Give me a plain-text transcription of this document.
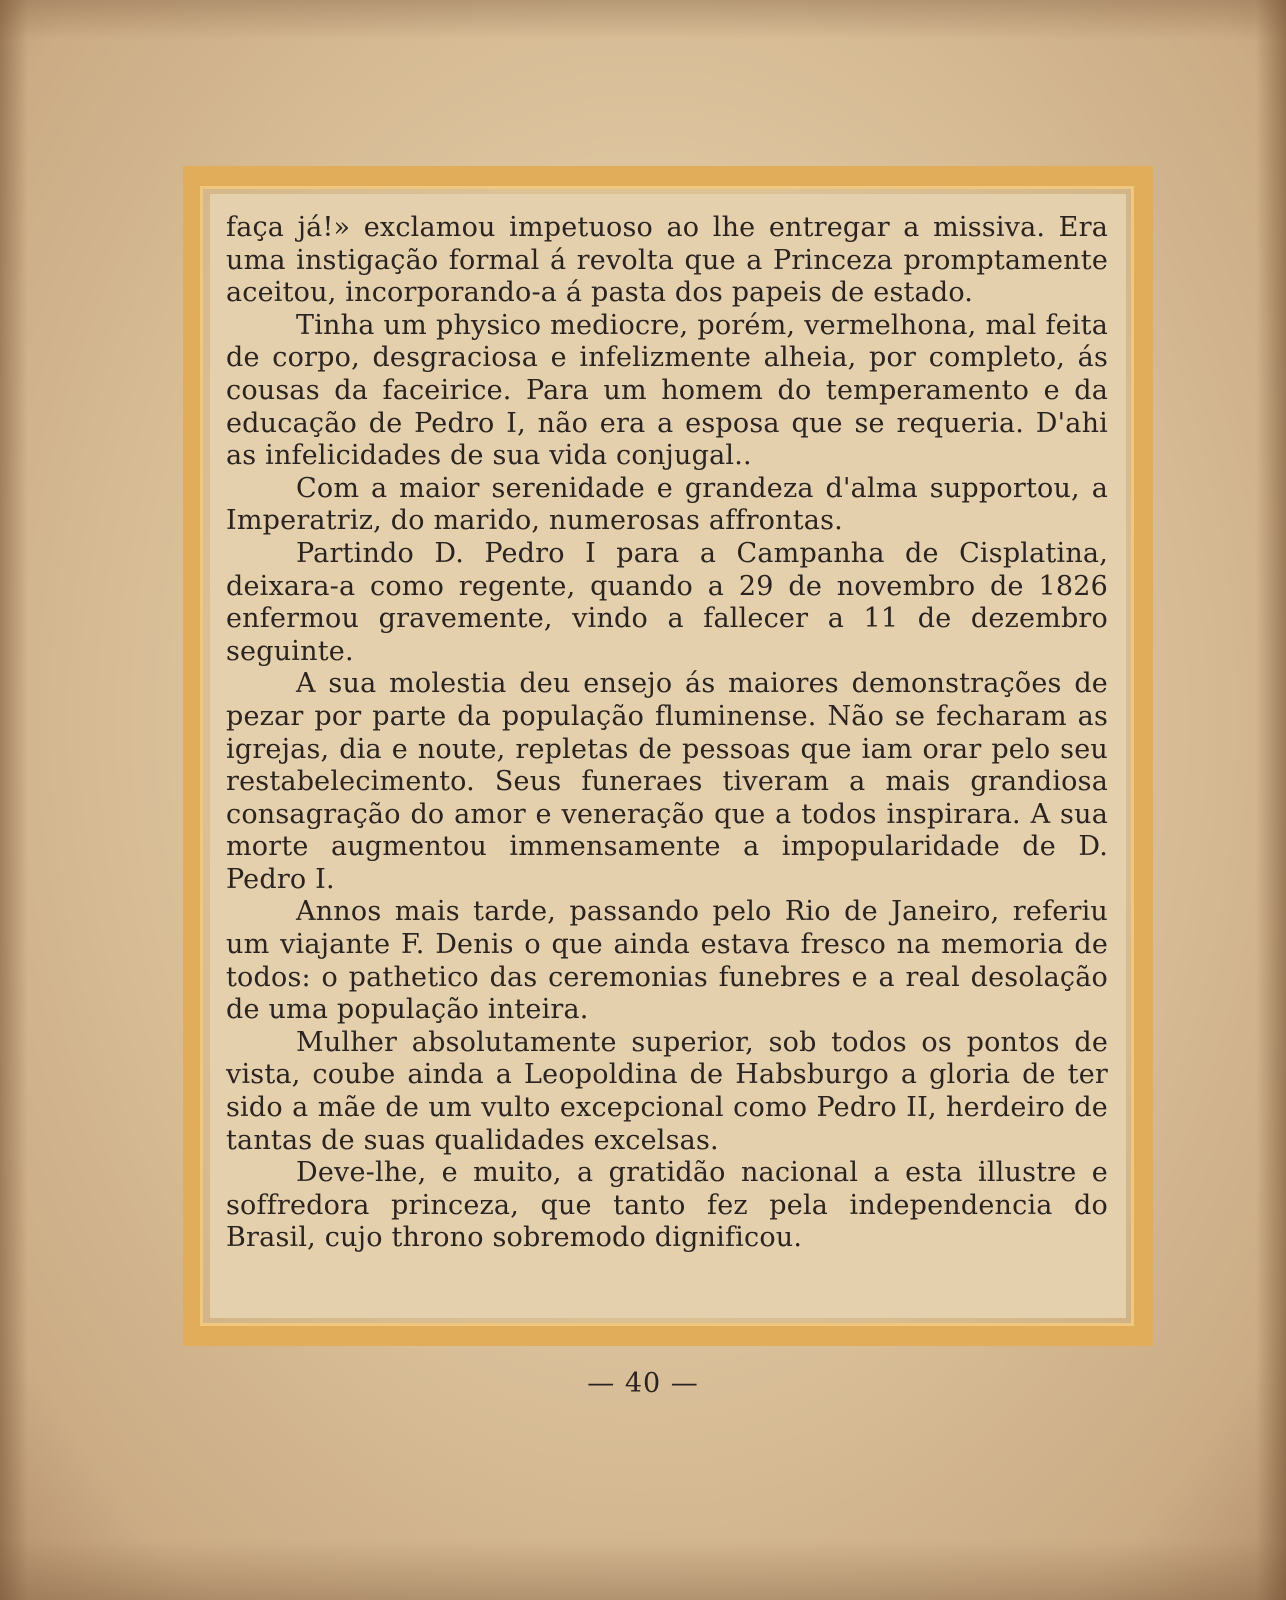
faça já!» exclamou impetuoso ao lhe entregar a missiva. Era uma instigação formal á revolta que a Princeza promptamente aceitou, incorporando-a á pasta dos papeis de estado.

Tinha um physico mediocre, porém, vermelhona, mal feita de corpo, desgraciosa e infelizmente alheia, por completo, ás cousas da faceirice. Para um homem do temperamento e da educação de Pedro I, não era a esposa que se requeria. D'ahi as infelicidades de sua vida conjugal..

Com a maior serenidade e grandeza d'alma supportou, a Imperatriz, do marido, numerosas affrontas.

Partindo D. Pedro I para a Campanha de Cisplatina, deixara-a como regente, quando a 29 de novembro de 1826 enfermou gravemente, vindo a fallecer a 11 de dezembro seguinte.

A sua molestia deu ensejo ás maiores demonstrações de pezar por parte da população fluminense. Não se fecharam as igrejas, dia e noute, repletas de pessoas que iam orar pelo seu restabelecimento. Seus funeraes tiveram a mais grandiosa consagração do amor e veneração que a todos inspirara. A sua morte augmentou immensamente a impopularidade de D. Pedro I.

Annos mais tarde, passando pelo Rio de Janeiro, referiu um viajante F. Denis o que ainda estava fresco na memoria de todos: o pathetico das ceremonias funebres e a real desolação de uma população inteira.

Mulher absolutamente superior, sob todos os pontos de vista, coube ainda a Leopoldina de Habsburgo a gloria de ter sido a mãe de um vulto excepcional como Pedro II, herdeiro de tantas de suas qualidades excelsas.

Deve-lhe, e muito, a gratidão nacional a esta illustre e soffredora princeza, que tanto fez pela independencia do Brasil, cujo throno sobremodo dignificou.

— 40 —
